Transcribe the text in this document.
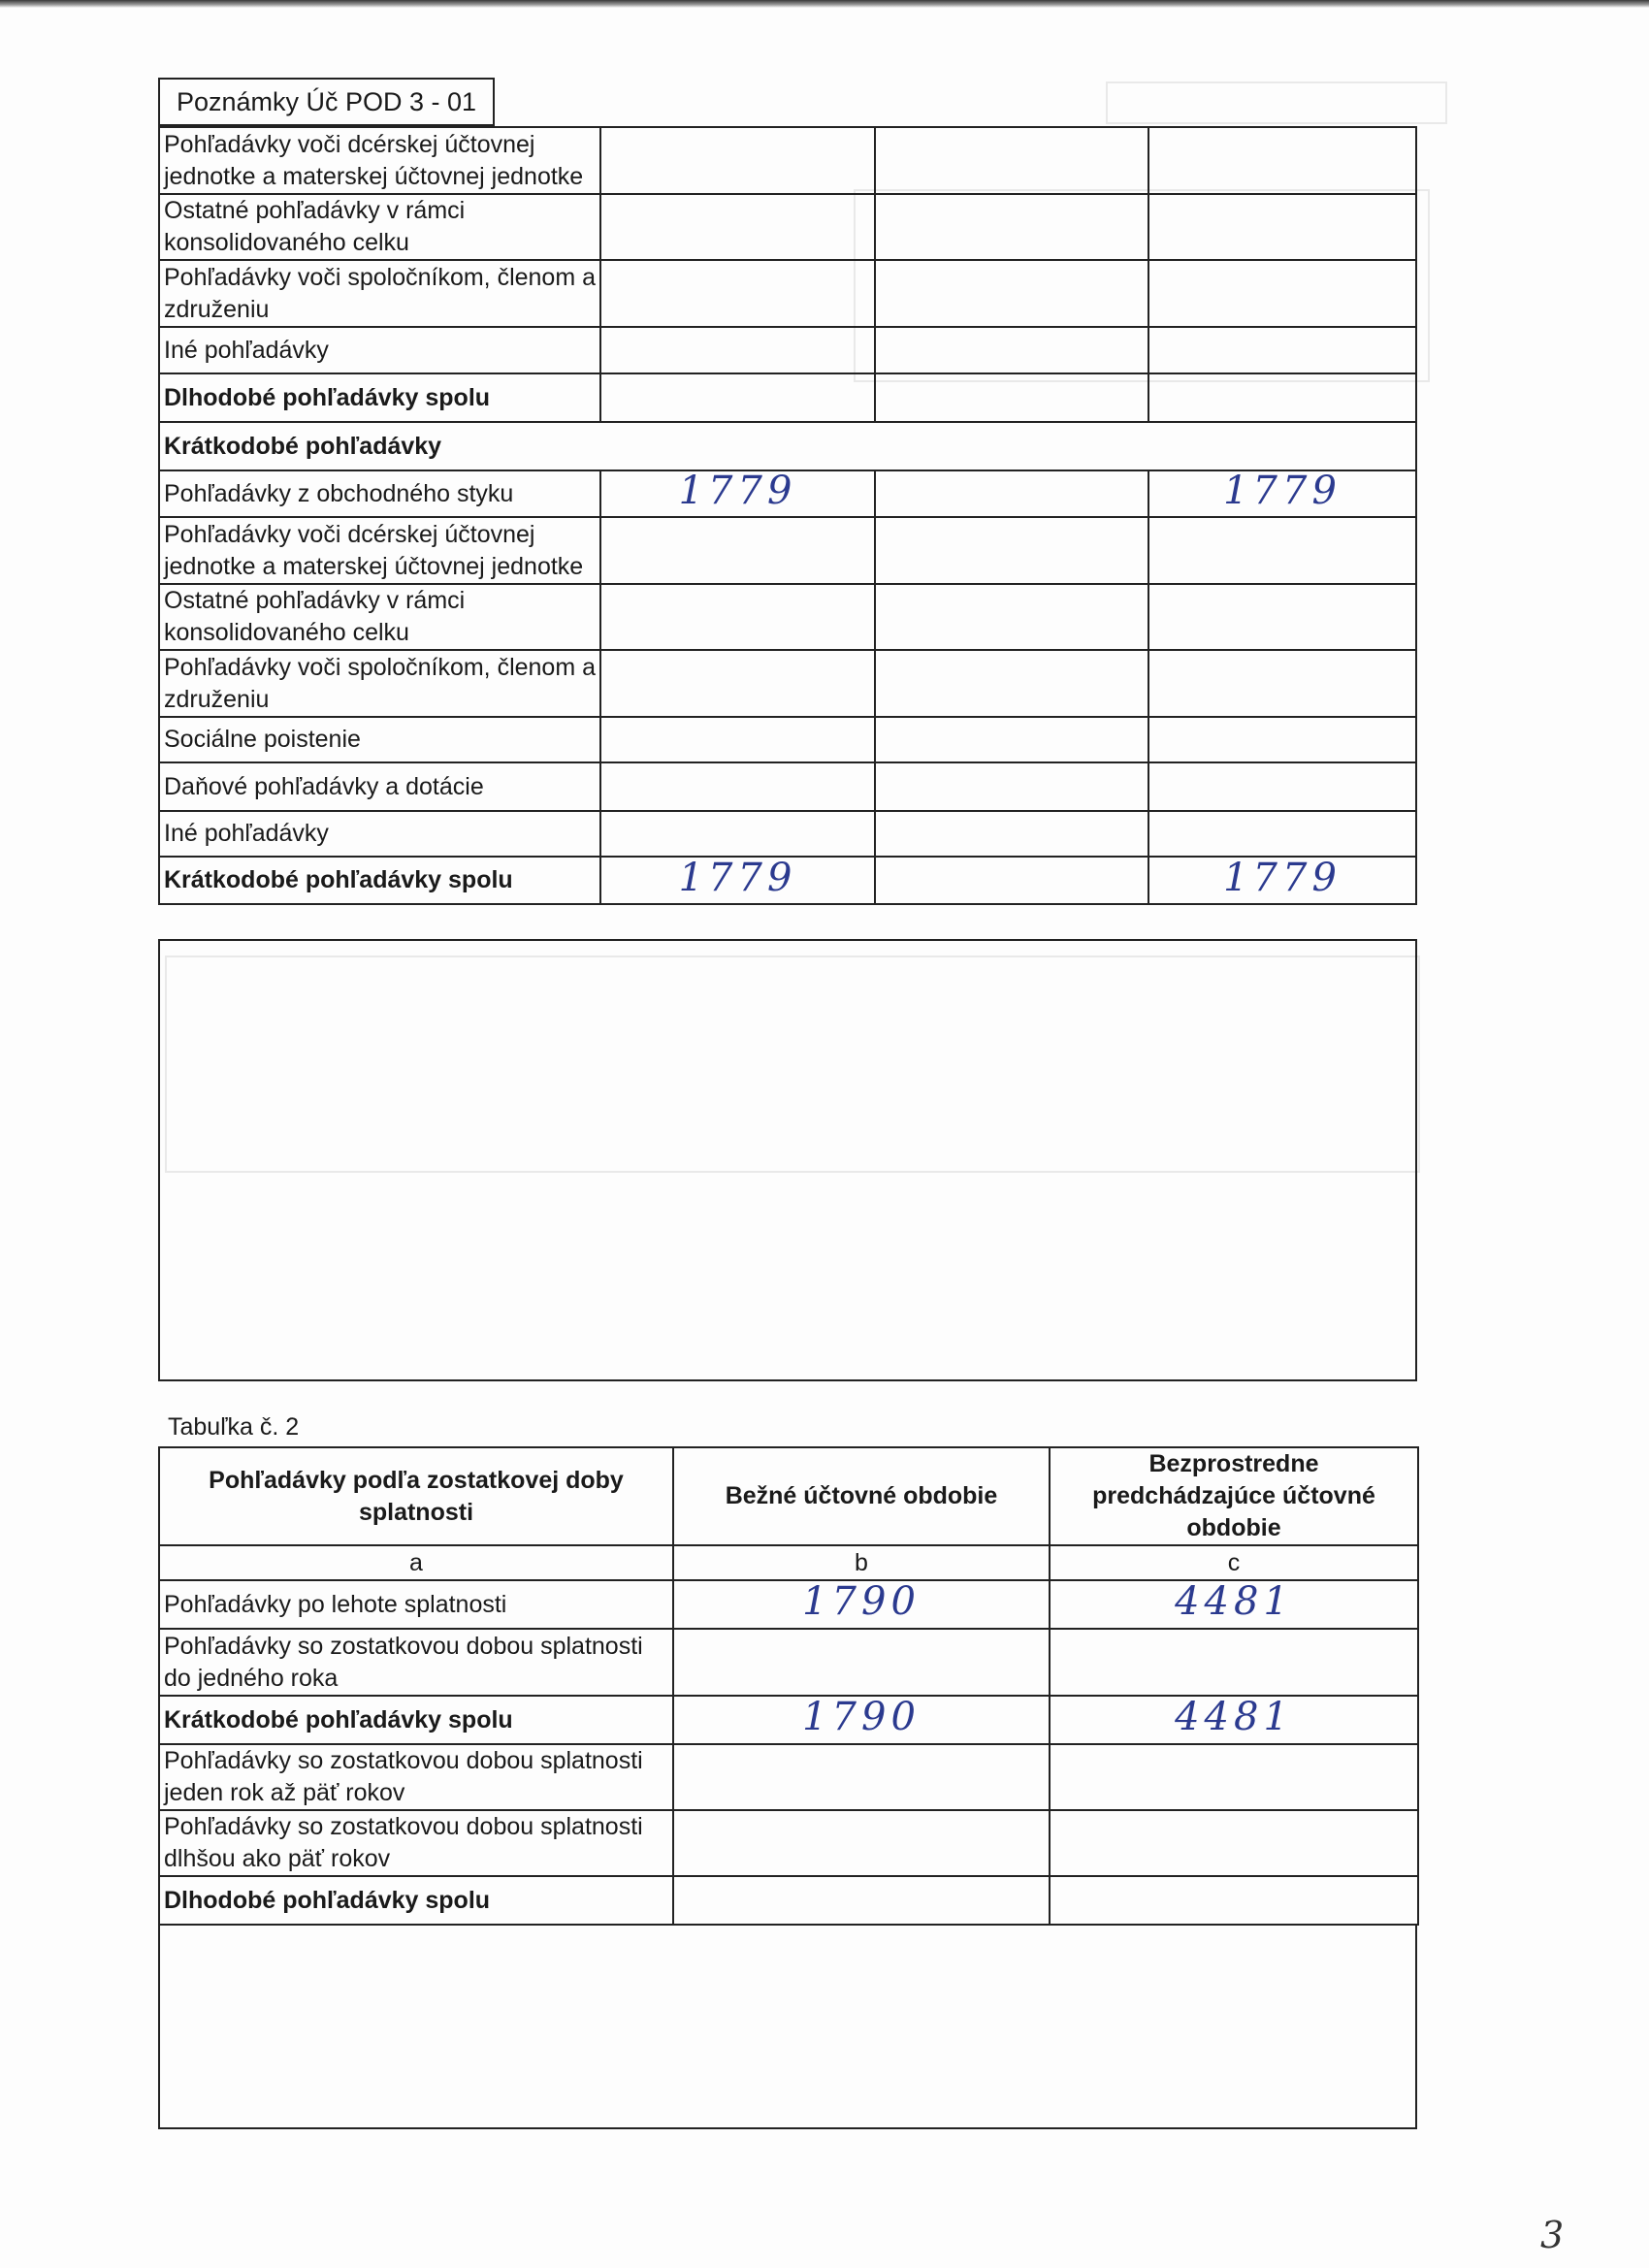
Poznámky Úč POD 3 - 01
Pohľadávky voči dcérskej účtovnej jednotke a materskej účtovnej jednotke			
Ostatné pohľadávky v rámci konsolidovaného celku			
Pohľadávky voči spoločníkom, členom a združeniu			
Iné pohľadávky			
Dlhodobé pohľadávky spolu			
Krátkodobé pohľadávky			
Pohľadávky z obchodného styku	1779		1779
Pohľadávky voči dcérskej účtovnej jednotke a materskej účtovnej jednotke			
Ostatné pohľadávky v rámci konsolidovaného celku			
Pohľadávky voči spoločníkom, členom a združeniu			
Sociálne poistenie			
Daňové pohľadávky a dotácie			
Iné pohľadávky			
Krátkodobé pohľadávky spolu	1779		1779
Tabuľka č. 2
Pohľadávky podľa zostatkovej doby splatnosti	Bežné účtovné obdobie	Bezprostredne predchádzajúce účtovné obdobie
a	b	c
Pohľadávky po lehote splatnosti	1790	4481
Pohľadávky so zostatkovou dobou splatnosti do jedného roka		
Krátkodobé pohľadávky spolu	1790	4481
Pohľadávky so zostatkovou dobou splatnosti jeden rok až päť rokov		
Pohľadávky so zostatkovou dobou splatnosti dlhšou ako päť rokov		
Dlhodobé pohľadávky spolu		
3
